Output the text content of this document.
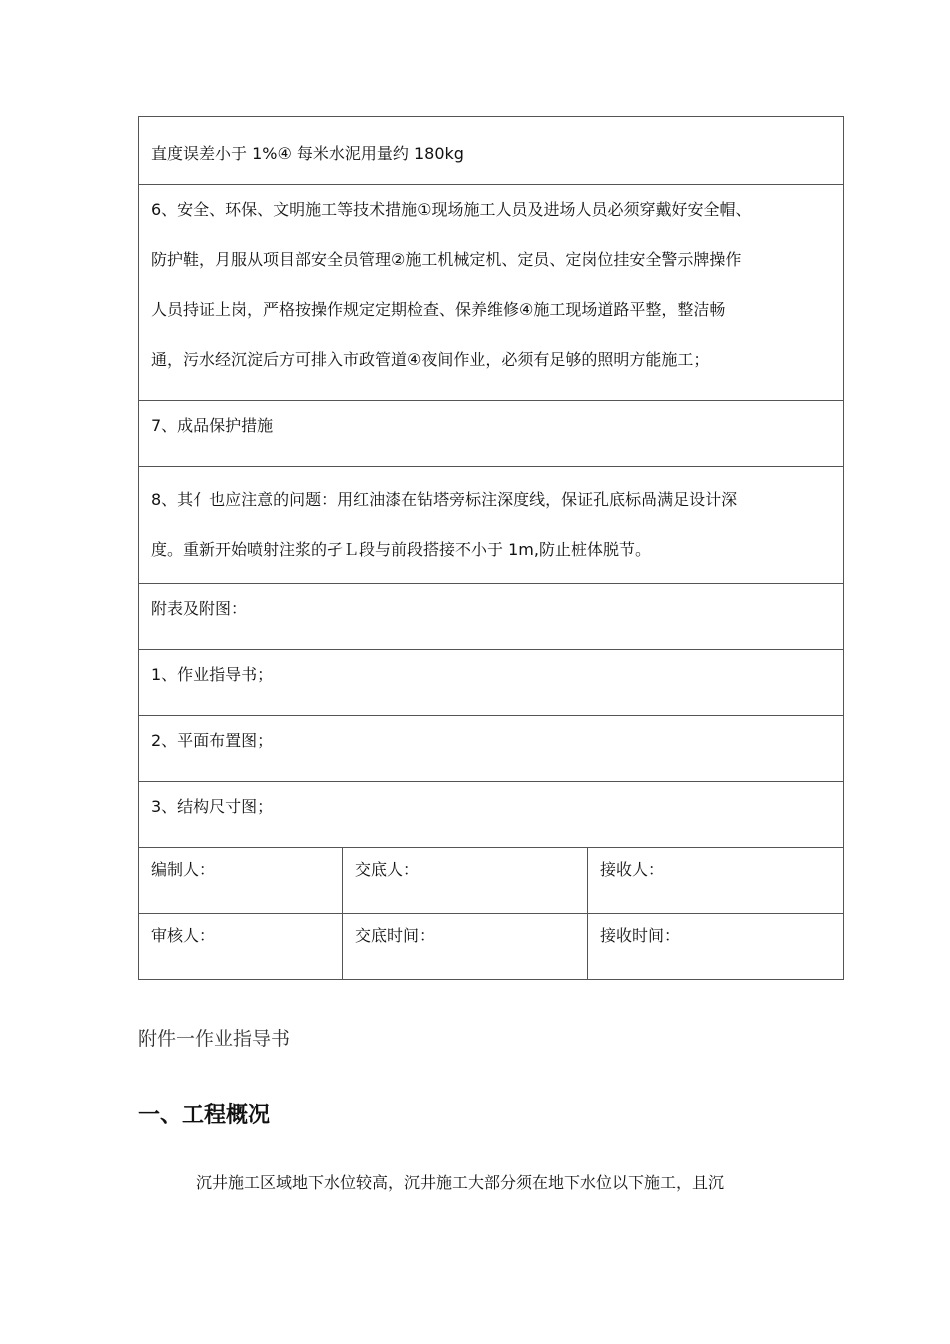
直度误差小于 1%④ 每米水泥用量约 180kg		

6、安全、环保、文明施工等技术措施①现场施工人员及进场人员必须穿戴好安全帽、
防护鞋，月服从项目部安全员管理②施工机械定机、定员、定岗位挂安全警示牌操作
人员持证上岗，严格按操作规定定期检查、保养维修④施工现场道路平整，整洁畅
通，污水经沉淀后方可排入市政管道④夜间作业，必须有足够的照明方能施工；		

7、成品保护措施		

8、其亻也应注意的问题：用红油漆在钻塔旁标注深度线，保证孔底标咼满足设计深
度。重新开始喷射注浆的孑Ｌ段与前段搭接不小于 1m,防止桩体脱节。		

附表及附图：		

1、作业指导书；		

2、平面布置图；		

3、结构尺寸图；		

编制人：	交底人：	接收人：
审核人：	交底时间：	接收时间：
附件一作业指导书
一、工程概况
沉井施工区域地下水位较高，沉井施工大部分须在地下水位以下施工，且沉
